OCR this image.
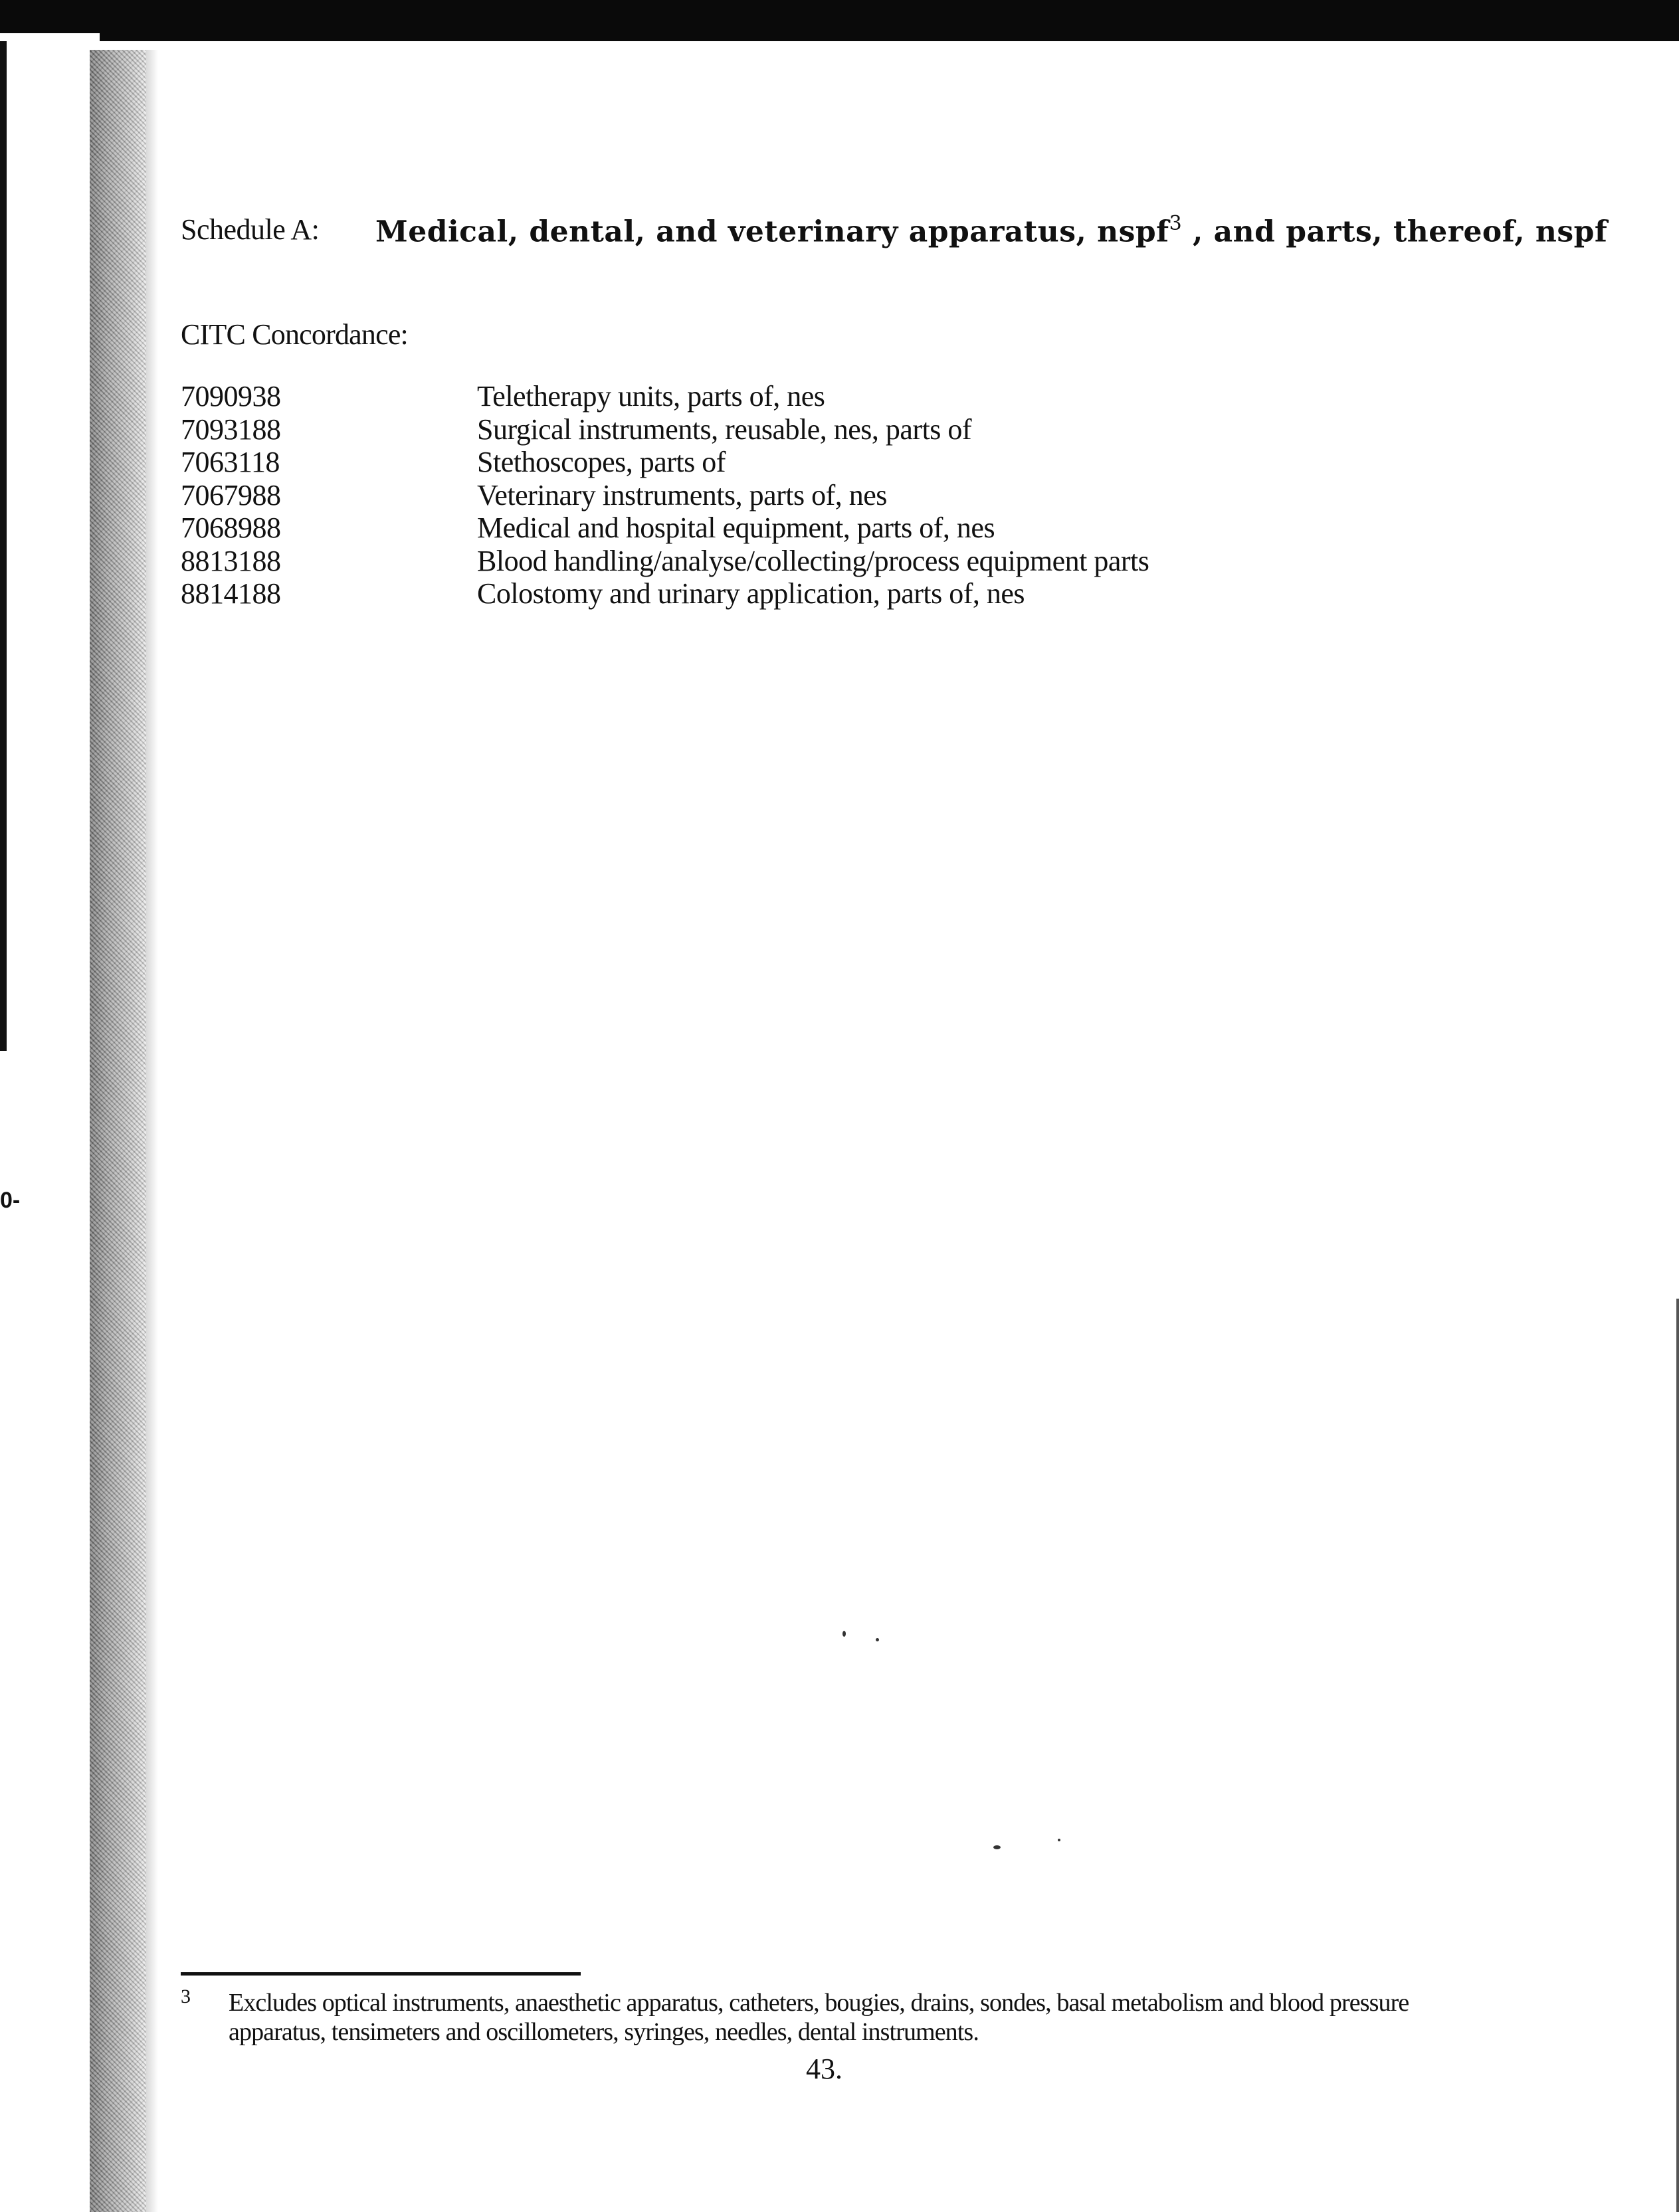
0-
Schedule A: Medical, dental, and veterinary apparatus, nspf$^3$ , and parts, thereof, nspf
CITC Concordance:
7090938	Teletherapy units, parts of, nes
7093188	Surgical instruments, reusable, nes, parts of
7063118	Stethoscopes, parts of
7067988	Veterinary instruments, parts of, nes
7068988	Medical and hospital equipment, parts of, nes
8813188	Blood handling/analyse/collecting/process equipment parts
8814188	Colostomy and urinary application, parts of, nes
3 Excludes optical instruments, anaesthetic apparatus, catheters, bougies, drains, sondes, basal metabolism and blood pressure apparatus, tensimeters and oscillometers, syringes, needles, dental instruments.
43.
